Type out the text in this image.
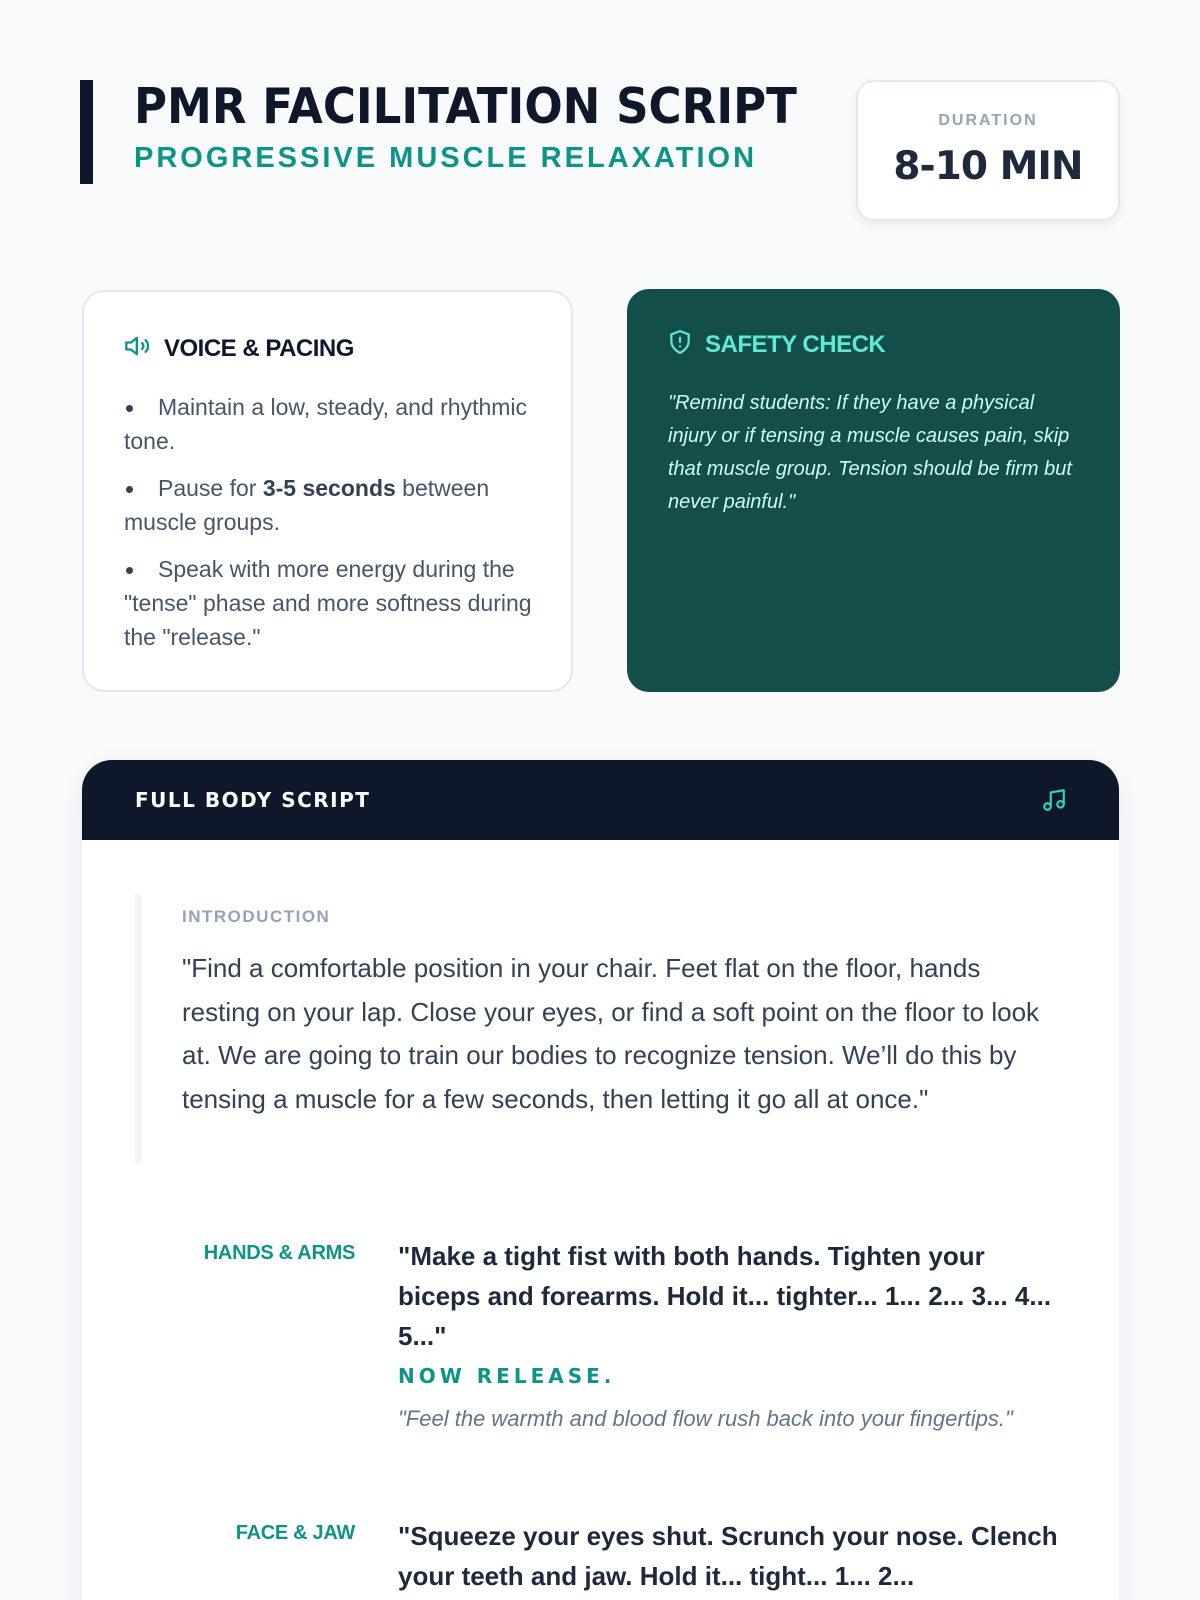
PMR FACILITATION SCRIPT
PROGRESSIVE MUSCLE RELAXATION
DURATION
8-10 MIN
VOICE & PACING
Maintain a low, steady, and rhythmic tone.
Pause for 3-5 seconds between muscle groups.
Speak with more energy during the "tense" phase and more softness during the "release."
SAFETY CHECK

"Remind students: If they have a physical injury or if tensing a muscle causes pain, skip that muscle group. Tension should be firm but never painful."

FULL BODY SCRIPT
INTRODUCTION

"Find a comfortable position in your chair. Feet flat on the floor, hands resting on your lap. Close your eyes, or find a soft point on the floor to look at. We are going to train our bodies to recognize tension. We’ll do this by tensing a muscle for a few seconds, then letting it go all at once."

HANDS & ARMS "Make a tight fist with both hands. Tighten your biceps and forearms. Hold it... tighter... 1... 2... 3... 4... 5..."

NOW RELEASE.

"Feel the warmth and blood flow rush back into your fingertips."

FACE & JAW "Squeeze your eyes shut. Scrunch your nose. Clench your teeth and jaw. Hold it... tight... 1... 2...
